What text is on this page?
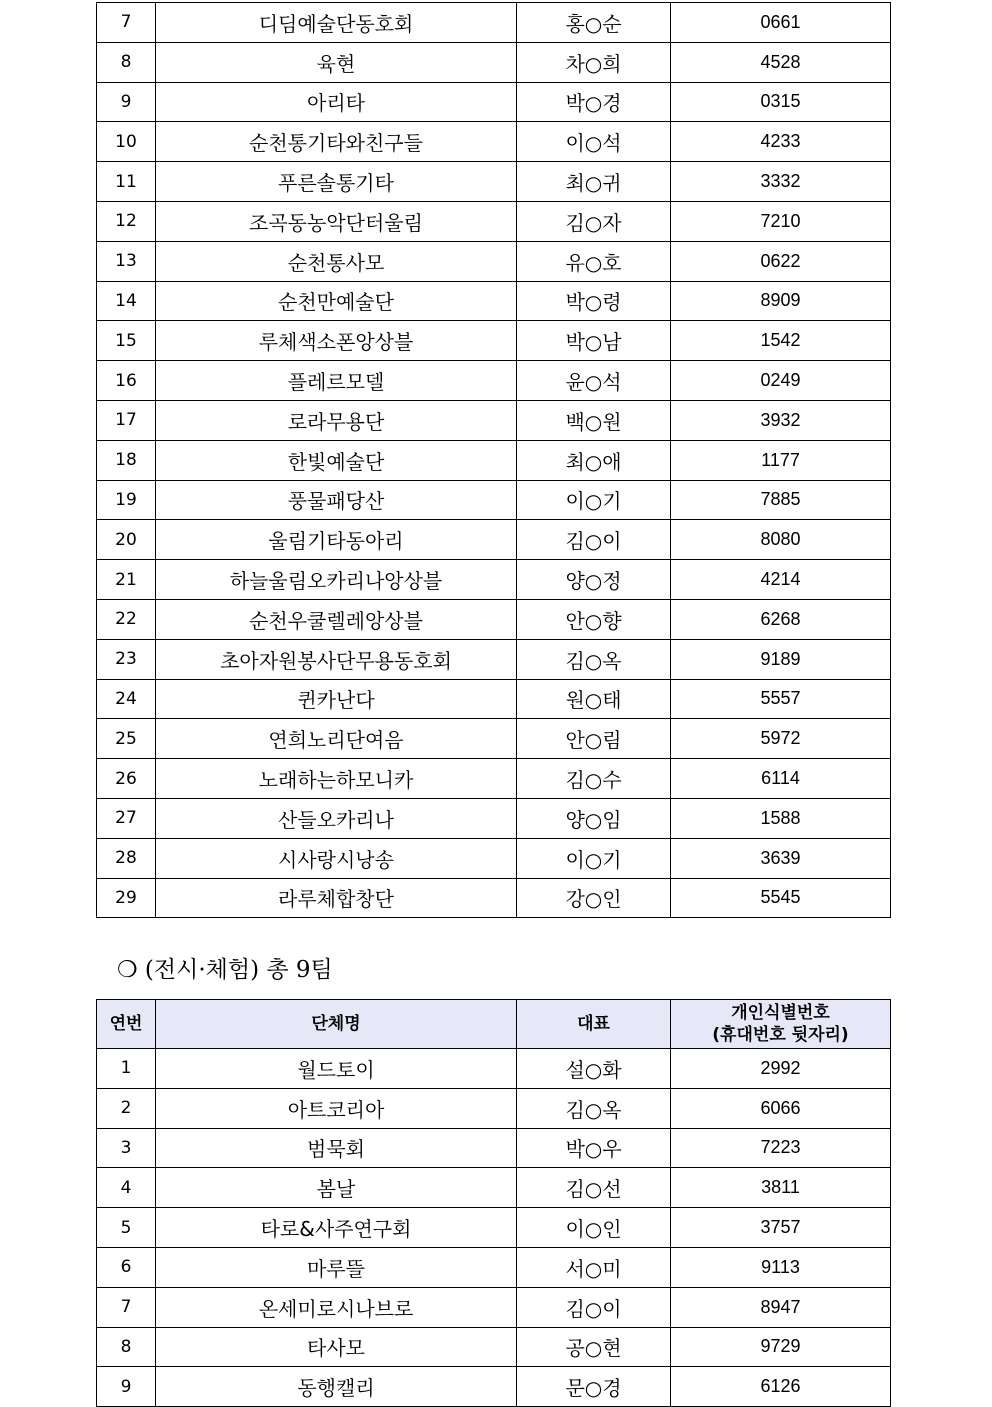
7	디딤예술단동호회	홍○순	0661
8	육현	차○희	4528
9	아리타	박○경	0315
10	순천통기타와친구들	이○석	4233
11	푸른솔통기타	최○귀	3332
12	조곡동농악단터울림	김○자	7210
13	순천통사모	유○호	0622
14	순천만예술단	박○령	8909
15	루체색소폰앙상블	박○남	1542
16	플레르모델	윤○석	0249
17	로라무용단	백○원	3932
18	한빛예술단	최○애	1177
19	풍물패당산	이○기	7885
20	울림기타동아리	김○이	8080
21	하늘울림오카리나앙상블	양○정	4214
22	순천우쿨렐레앙상블	안○향	6268
23	초아자원봉사단무용동호회	김○옥	9189
24	퀸카난다	원○태	5557
25	연희노리단여음	안○림	5972
26	노래하는하모니카	김○수	6114
27	산들오카리나	양○임	1588
28	시사랑시낭송	이○기	3639
29	라루체합창단	강○인	5545
❍ (전시·체험) 총 9팀
연번	단체명	대표	개인식별번호
(휴대번호 뒷자리)

1	월드토이	설○화	2992
2	아트코리아	김○옥	6066
3	범묵회	박○우	7223
4	봄날	김○선	3811
5	타로&사주연구회	이○인	3757
6	마루뜰	서○미	9113
7	온세미로시나브로	김○이	8947
8	타사모	공○현	9729
9	동행캘리	문○경	6126
